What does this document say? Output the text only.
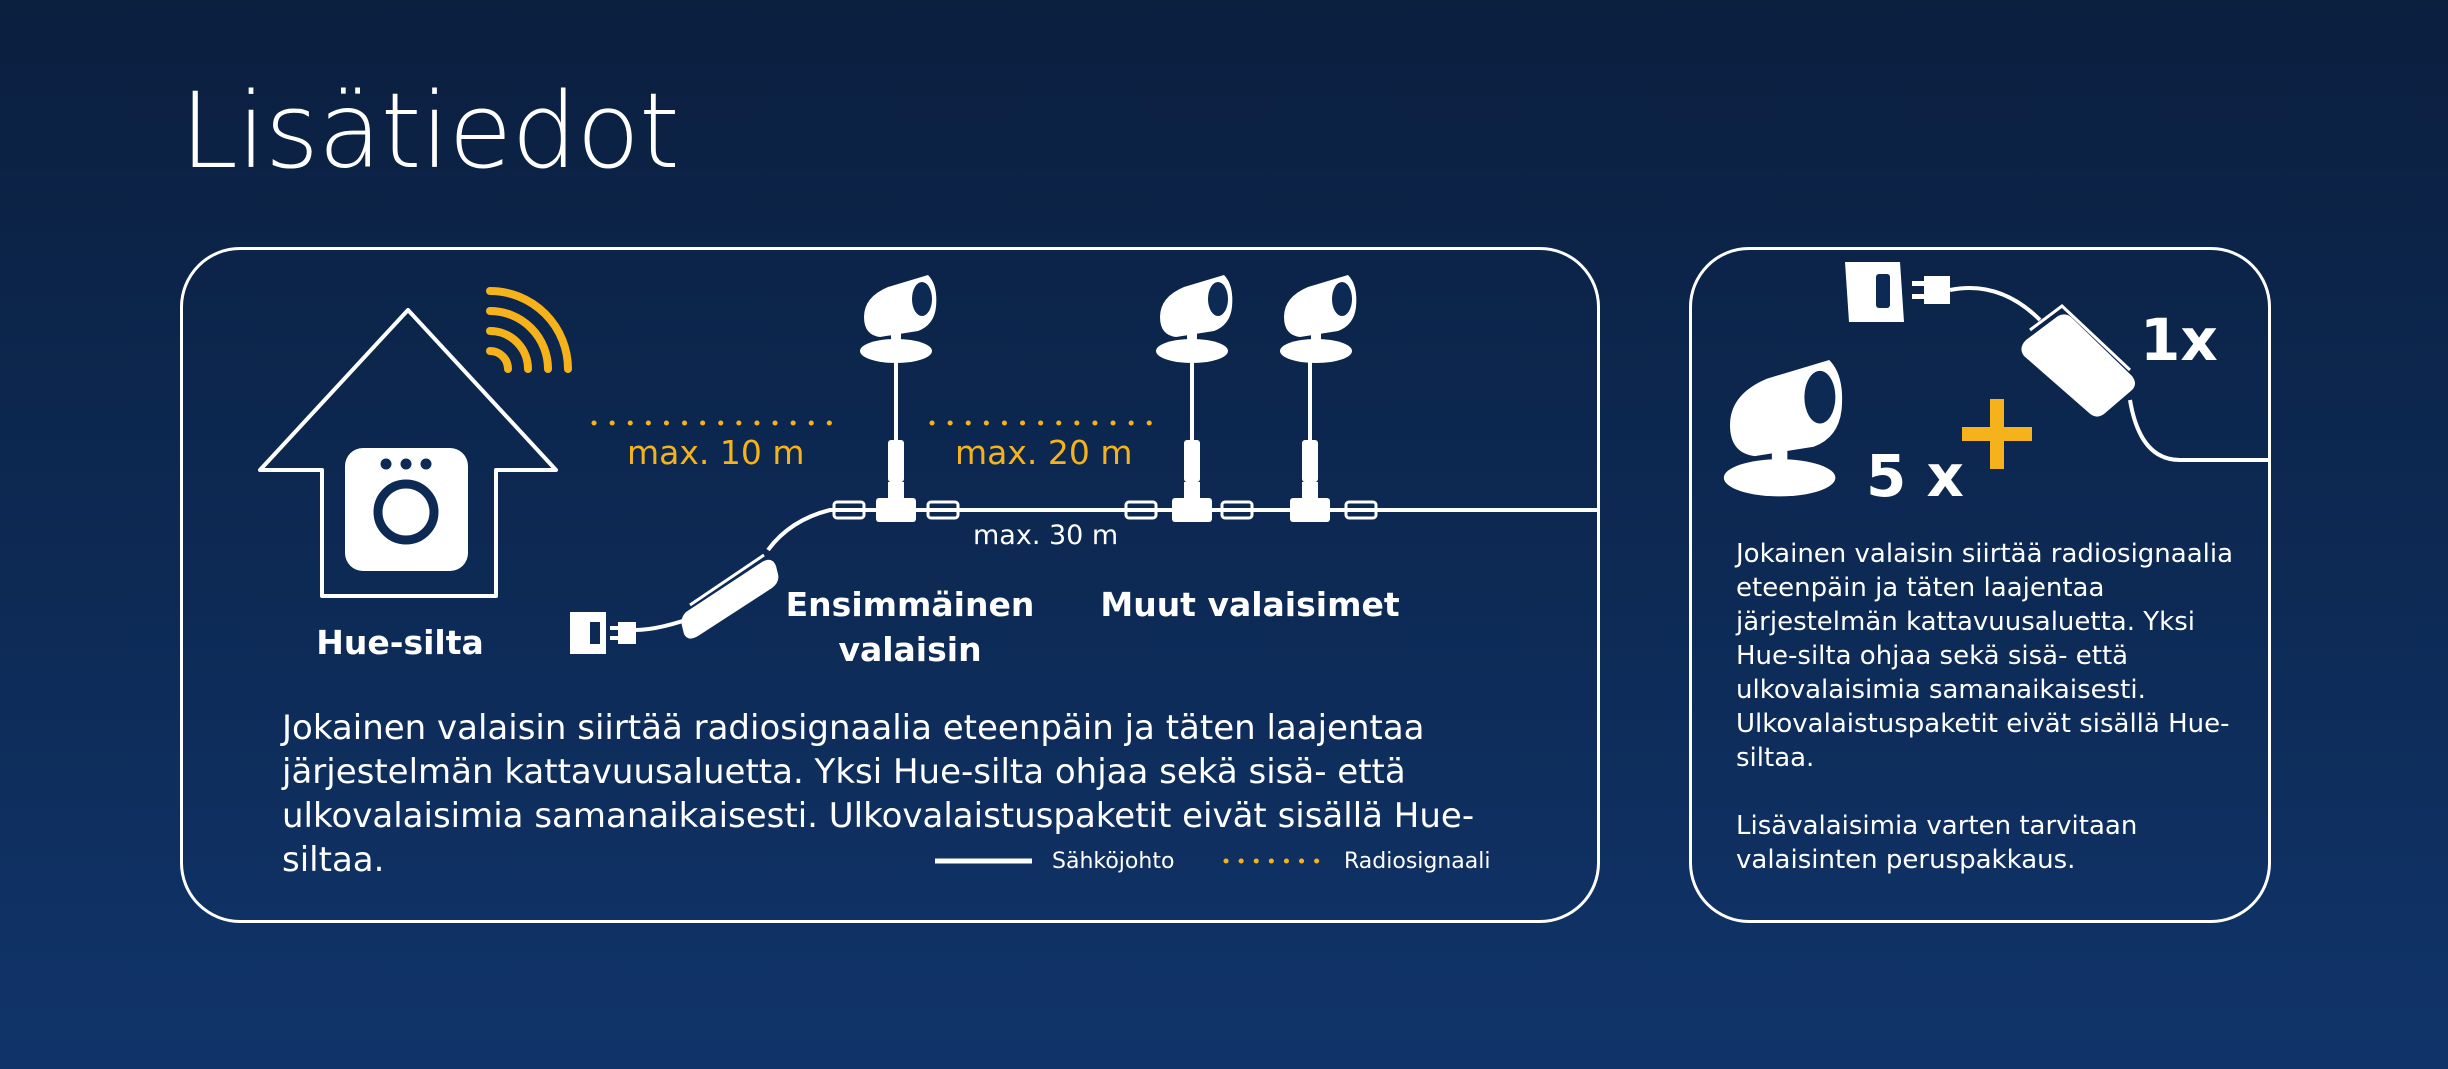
Lisätiedot
Hue-silta
Ensimmäinen
valaisin
Muut valaisimet
max. 10 m	max. 20 m
max. 30 m
Jokainen valaisin siirtää radiosignaalia eteenpäin ja täten laajentaa järjestelmän kattavuusaluetta. Yksi Hue-silta ohjaa sekä sisä- että ulkovalaisimia samanaikaisesti. Ulkovalaistuspaketit eivät sisällä Hue-siltaa.	Sähköjohto	Radiosignaali
1x
5 x

Jokainen valaisin siirtää radiosignaalia eteenpäin ja täten laajentaa järjestelmän kattavuusaluetta. Yksi Hue-silta ohjaa sekä sisä- että ulkovalaisimia samanaikaisesti. Ulkovalaistuspaketit eivät sisällä Hue-siltaa.

Lisävalaisimia varten tarvitaan valaisinten peruspakkaus.
